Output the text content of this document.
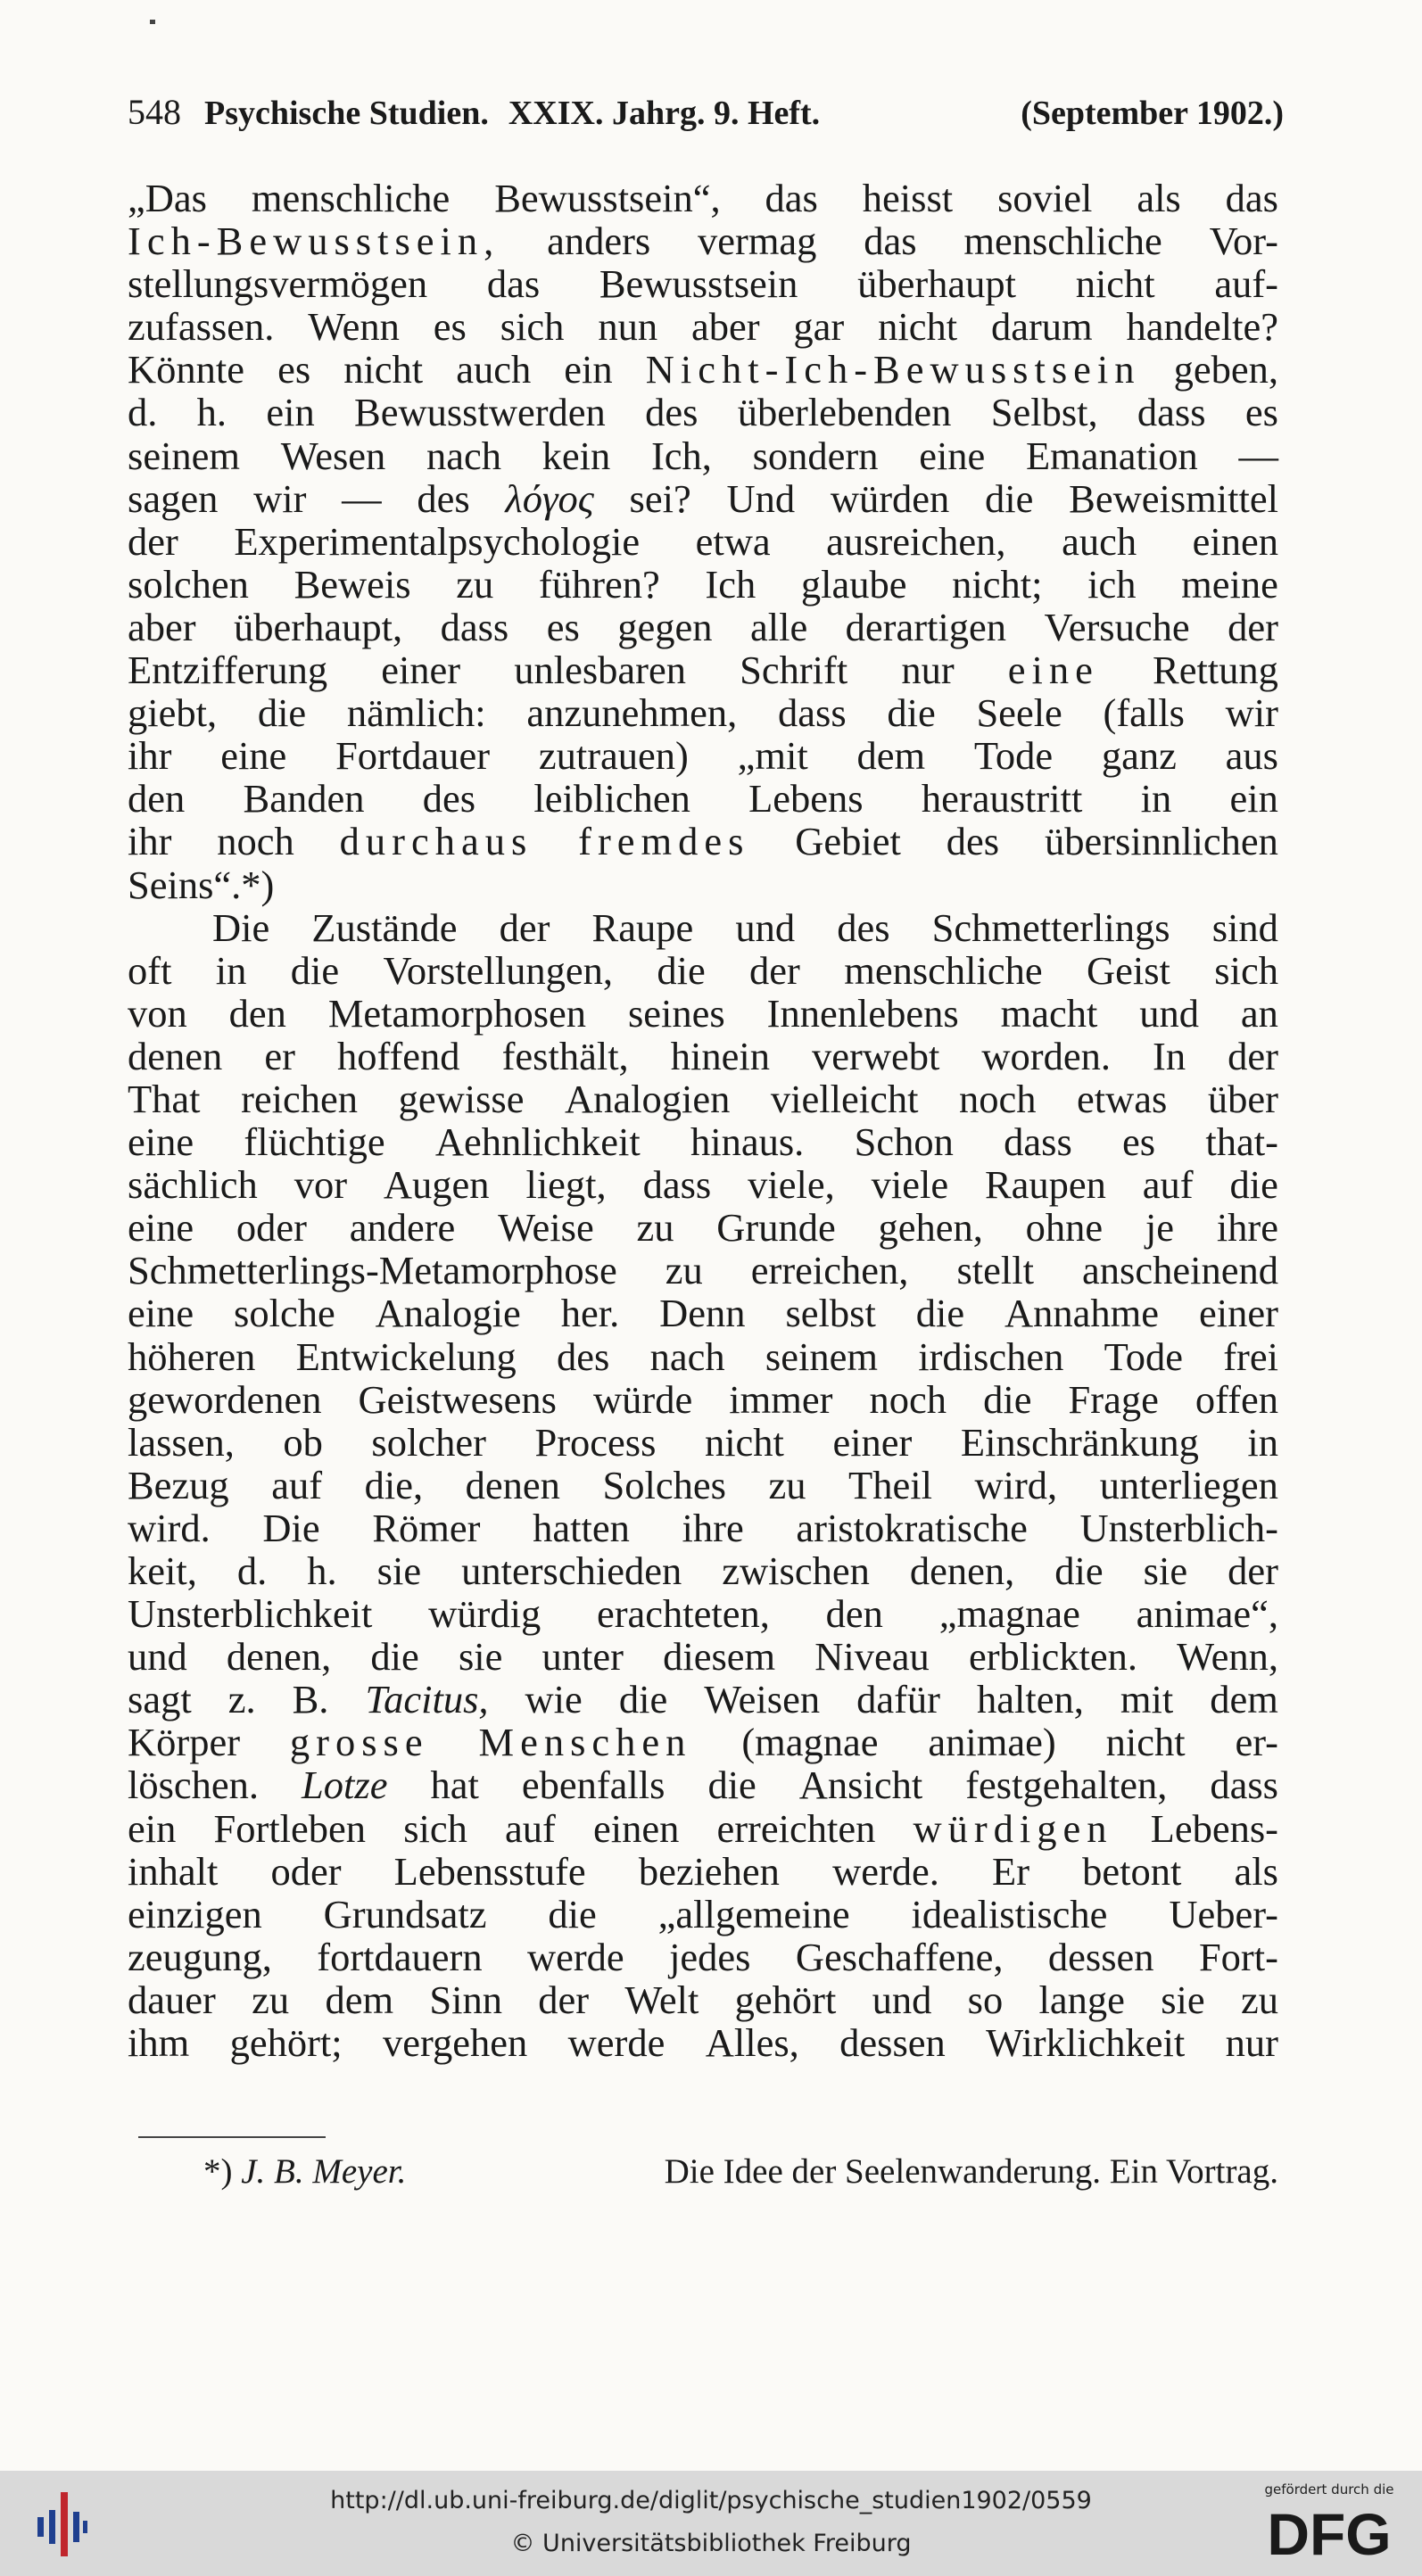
548 Psychische Studien. XXIX. Jahrg. 9. Heft.	(September 1902.)
„Das menschliche Bewusstsein“, das heisst soviel als das
Ich-Bewusstsein, anders vermag das menschliche Vor-
stellungsvermögen das Bewusstsein überhaupt nicht auf-
zufassen. Wenn es sich nun aber gar nicht darum handelte?
Könnte es nicht auch ein Nicht-Ich-Bewusstsein geben,
d. h. ein Bewusstwerden des überlebenden Selbst, dass es
seinem Wesen nach kein Ich, sondern eine Emanation —
sagen wir — des λόγος sei? Und würden die Beweismittel
der Experimentalpsychologie etwa ausreichen, auch einen
solchen Beweis zu führen? Ich glaube nicht; ich meine
aber überhaupt, dass es gegen alle derartigen Versuche der
Entzifferung einer unlesbaren Schrift nur eine Rettung
giebt, die nämlich: anzunehmen, dass die Seele (falls wir
ihr eine Fortdauer zutrauen) „mit dem Tode ganz aus
den Banden des leiblichen Lebens heraustritt in ein
ihr noch durchaus fremdes Gebiet des übersinnlichen
Seins“.*)
Die Zustände der Raupe und des Schmetterlings sind
oft in die Vorstellungen, die der menschliche Geist sich
von den Metamorphosen seines Innenlebens macht und an
denen er hoffend festhält, hinein verwebt worden. In der
That reichen gewisse Analogien vielleicht noch etwas über
eine flüchtige Aehnlichkeit hinaus. Schon dass es that-
sächlich vor Augen liegt, dass viele, viele Raupen auf die
eine oder andere Weise zu Grunde gehen, ohne je ihre
Schmetterlings-Metamorphose zu erreichen, stellt anscheinend
eine solche Analogie her. Denn selbst die Annahme einer
höheren Entwickelung des nach seinem irdischen Tode frei
gewordenen Geistwesens würde immer noch die Frage offen
lassen, ob solcher Process nicht einer Einschränkung in
Bezug auf die, denen Solches zu Theil wird, unterliegen
wird. Die Römer hatten ihre aristokratische Unsterblich-
keit, d. h. sie unterschieden zwischen denen, die sie der
Unsterblichkeit würdig erachteten, den „magnae animae“,
und denen, die sie unter diesem Niveau erblickten. Wenn,
sagt z. B. Tacitus, wie die Weisen dafür halten, mit dem
Körper grosse Menschen (magnae animae) nicht er-
löschen. Lotze hat ebenfalls die Ansicht festgehalten, dass
ein Fortleben sich auf einen erreichten würdigen Lebens-
inhalt oder Lebensstufe beziehen werde. Er betont als
einzigen Grundsatz die „allgemeine idealistische Ueber-
zeugung, fortdauern werde jedes Geschaffene, dessen Fort-
dauer zu dem Sinn der Welt gehört und so lange sie zu
ihm gehört; vergehen werde Alles, dessen Wirklichkeit nur
*) J. B. Meyer.	Die Idee der Seelenwanderung. Ein Vortrag.
http://dl.ub.uni-freiburg.de/diglit/psychische_studien1902/0559
© Universitätsbibliothek Freiburg
gefördert durch die
DFG
